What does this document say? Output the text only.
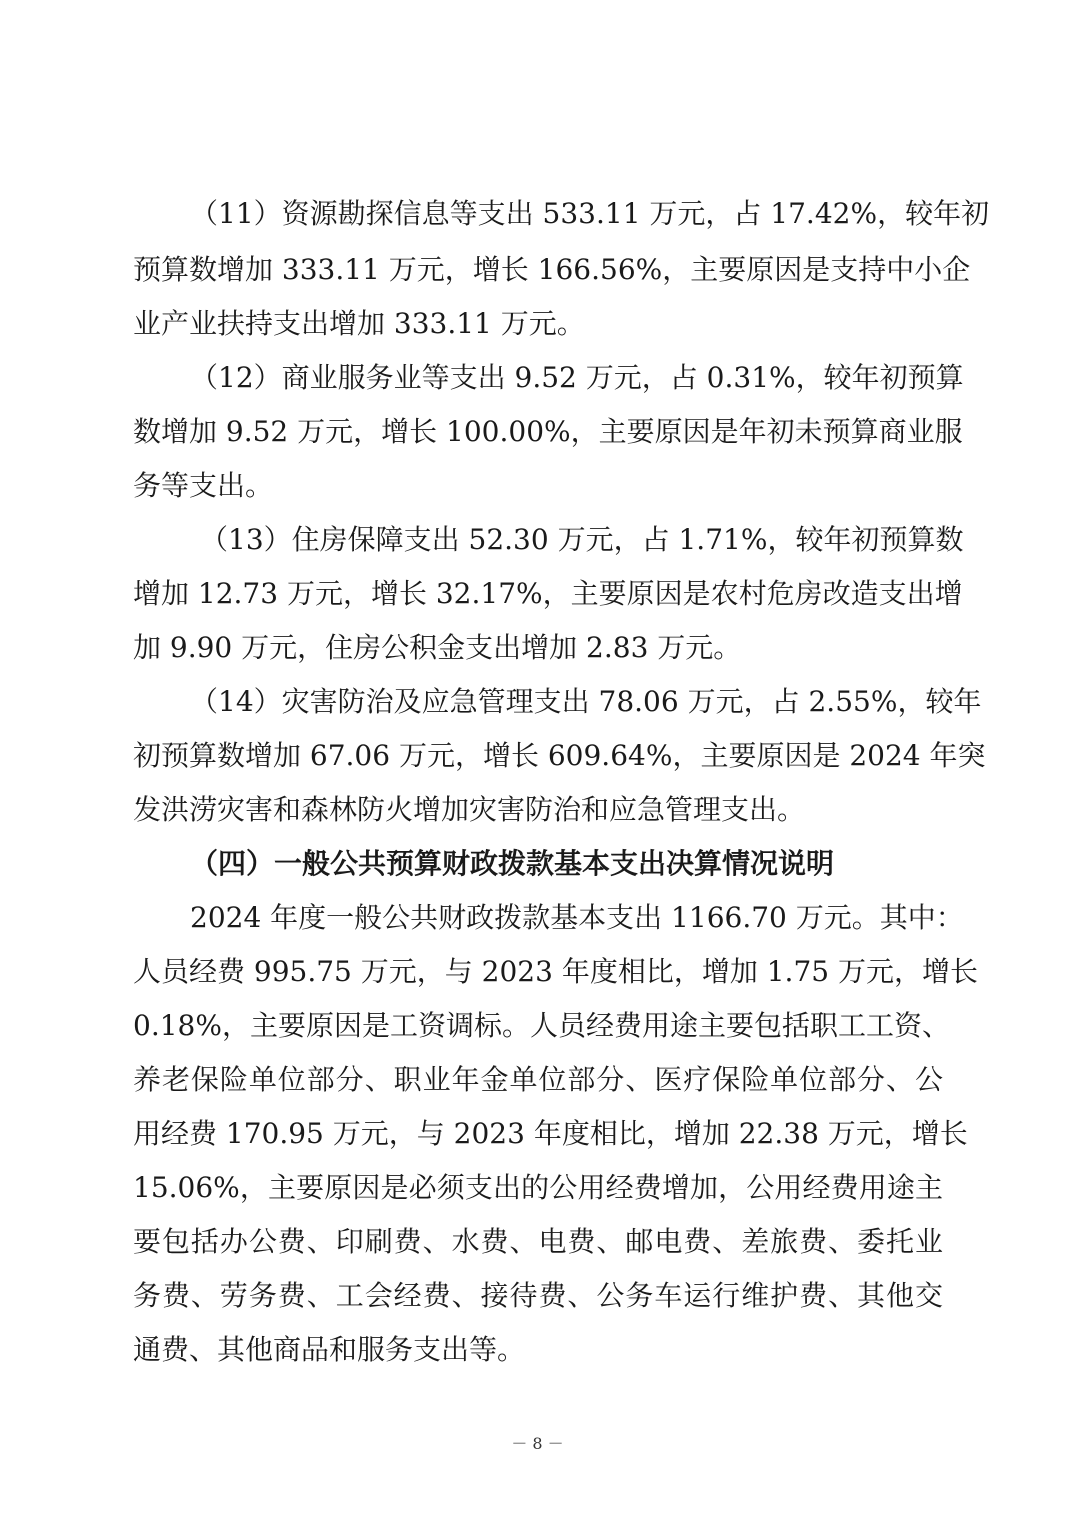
（11）资源勘探信息等支出 533.11 万元，占 17.42%，较年初
预算数增加 333.11 万元，增长 166.56%，主要原因是支持中小企
业产业扶持支出增加 333.11 万元。
（12）商业服务业等支出 9.52 万元，占 0.31%，较年初预算
数增加 9.52 万元，增长 100.00%，主要原因是年初未预算商业服
务等支出。
（13）住房保障支出 52.30 万元，占 1.71%，较年初预算数
增加 12.73 万元，增长 32.17%，主要原因是农村危房改造支出增
加 9.90 万元，住房公积金支出增加 2.83 万元。
（14）灾害防治及应急管理支出 78.06 万元，占 2.55%，较年
初预算数增加 67.06 万元，增长 609.64%，主要原因是 2024 年突
发洪涝灾害和森林防火增加灾害防治和应急管理支出。
（四）一般公共预算财政拨款基本支出决算情况说明
2024 年度一般公共财政拨款基本支出 1166.70 万元。其中：
人员经费 995.75 万元，与 2023 年度相比，增加 1.75 万元，增长
0.18%，主要原因是工资调标。人员经费用途主要包括职工工资、
养老保险单位部分、职业年金单位部分、医疗保险单位部分、公
用经费 170.95 万元，与 2023 年度相比，增加 22.38 万元，增长
15.06%，主要原因是必须支出的公用经费增加，公用经费用途主
要包括办公费、印刷费、水费、电费、邮电费、差旅费、委托业
务费、劳务费、工会经费、接待费、公务车运行维护费、其他交
通费、其他商品和服务支出等。
－ 8 －
